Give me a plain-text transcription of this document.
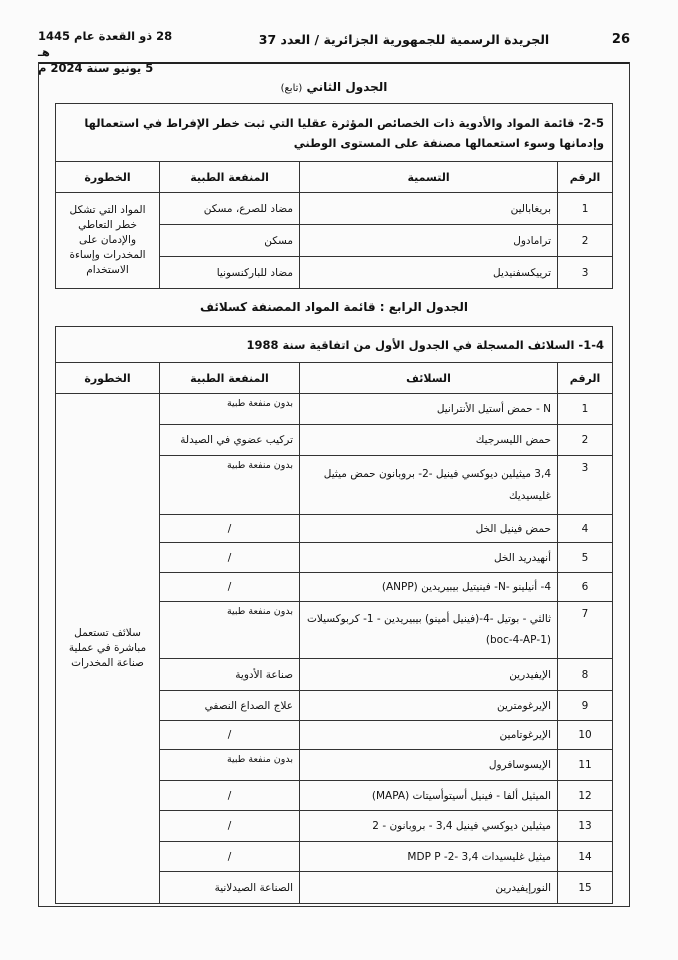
26
الجريدة الرسمية للجمهورية الجزائرية / العدد 37
28 ذو القعدة عام 1445 هـ
5 يونيو سنة 2024 م
الجدول الثاني (تابع)
2-5- قائمة المواد والأدوية ذات الخصائص المؤثرة عقليا التي ثبت خطر الإفراط في استعمالها وإدمانها وسوء استعمالها مصنفة على المستوى الوطني			
الرقم	التسمية	المنفعة الطبية	الخطورة
1	بريغابالين	مضاد للصرع، مسكن	المواد التي تشكل خطر التعاطي والإدمان على المخدرات وإساءة الاستخدام
2	ترامادول	مسكن	
3	ترييكسفنيديل	مضاد للباركنسونيا	
الجدول الرابع : قائمة المواد المصنفة كسلائف
1-4- السلائف المسجلة في الجدول الأول من اتفاقية سنة 1988			
الرقم	السلائف	المنفعة الطبية	الخطورة
1	N - حمض أستيل الأنترانيل	بدون منفعة طبية	سلائف تستعمل مباشرة في عملية صناعة المخدرات
2	حمض الليسرجيك	تركيب عضوي في الصيدلة	
3	3,4 ميثيلين ديوكسي فينيل -2- بروبانون حمض ميثيل غليسيديك	بدون منفعة طبية	
4	حمض فينيل الخل	/	
5	أنهيدريد الخل	/	
6	4- أنيلينو -N- فينيتيل بيبيريدين (ANPP)	/	
7	ثالثي - بوتيل -4-(فينيل أمينو) بيبيريدين - 1- كربوكسيلات (1-boc-4-AP)	بدون منفعة طبية	
8	الإيفيدرين	صناعة الأدوية	
9	الإيرغومترين	علاج الصداع النصفي	
10	الإيرغوتامين	/	
11	الإيسوسافرول	بدون منفعة طبية	
12	الميثيل ألفا - فينيل أسيتوأسيتات (MAPA)	/	
13	ميثيلين ديوكسي فينيل 3,4 - بروبانون - 2	/	
14	ميثيل غليسيدات 3,4 -2- MDP P	/	
15	النورإيفيدرين	الصناعة الصيدلانية	
